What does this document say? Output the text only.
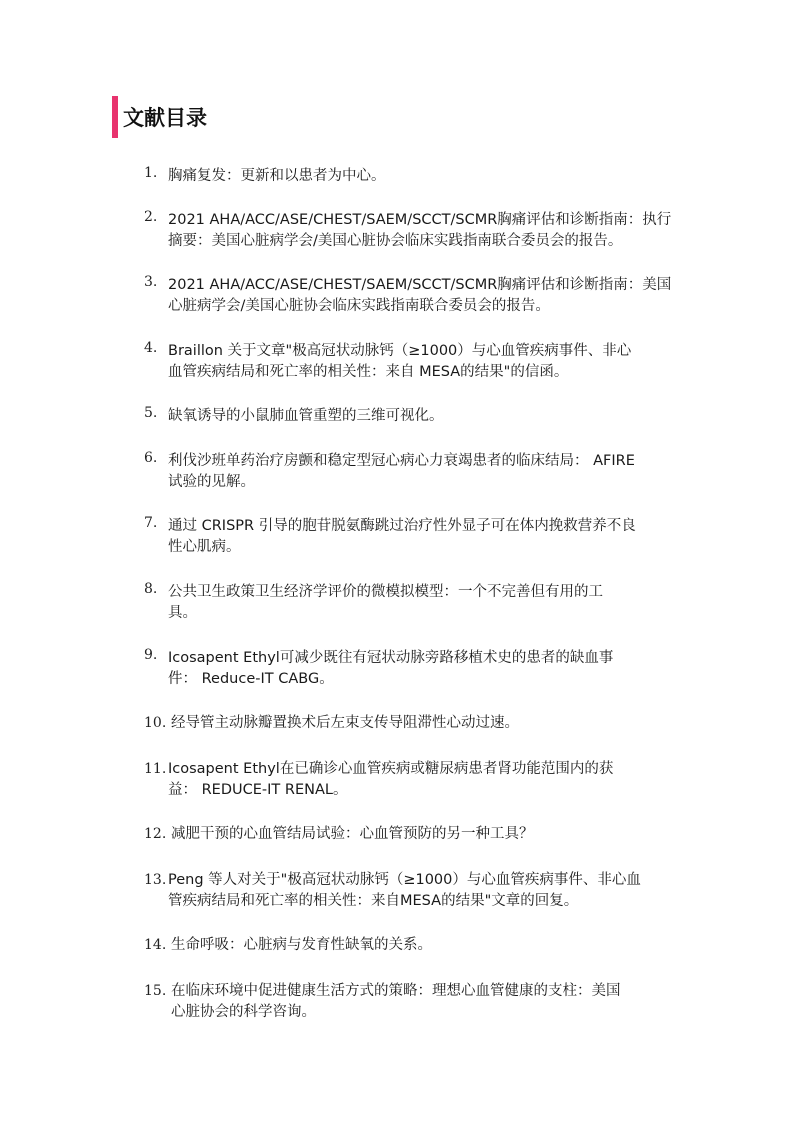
文献目录
1. 胸痛复发：更新和以患者为中心。
2. 2021 AHA/ACC/ASE/CHEST/SAEM/SCCT/SCMR胸痛评估和诊断指南：执行
摘要：美国心脏病学会/美国心脏协会临床实践指南联合委员会的报告。
3. 2021 AHA/ACC/ASE/CHEST/SAEM/SCCT/SCMR胸痛评估和诊断指南：美国
心脏病学会/美国心脏协会临床实践指南联合委员会的报告。
4. Braillon 关于文章"极高冠状动脉钙（≥1000）与心血管疾病事件、非心
血管疾病结局和死亡率的相关性：来自 MESA的结果"的信函。
5. 缺氧诱导的小鼠肺血管重塑的三维可视化。
6. 利伐沙班单药治疗房颤和稳定型冠心病心力衰竭患者的临床结局： AFIRE
试验的见解。
7. 通过 CRISPR 引导的胞苷脱氨酶跳过治疗性外显子可在体内挽救营养不良
性心肌病。
8. 公共卫生政策卫生经济学评价的微模拟模型：一个不完善但有用的工
具。
9. Icosapent Ethyl可减少既往有冠状动脉旁路移植术史的患者的缺血事
件： Reduce-IT CABG。
10. 经导管主动脉瓣置换术后左束支传导阻滞性心动过速。
11. Icosapent Ethyl在已确诊心血管疾病或糖尿病患者肾功能范围内的获
益： REDUCE-IT RENAL。
12. 减肥干预的心血管结局试验：心血管预防的另一种工具？
13. Peng 等人对关于"极高冠状动脉钙（≥1000）与心血管疾病事件、非心血
管疾病结局和死亡率的相关性：来自MESA的结果"文章的回复。
14. 生命呼吸：心脏病与发育性缺氧的关系。
15. 在临床环境中促进健康生活方式的策略：理想心血管健康的支柱：美国
心脏协会的科学咨询。
